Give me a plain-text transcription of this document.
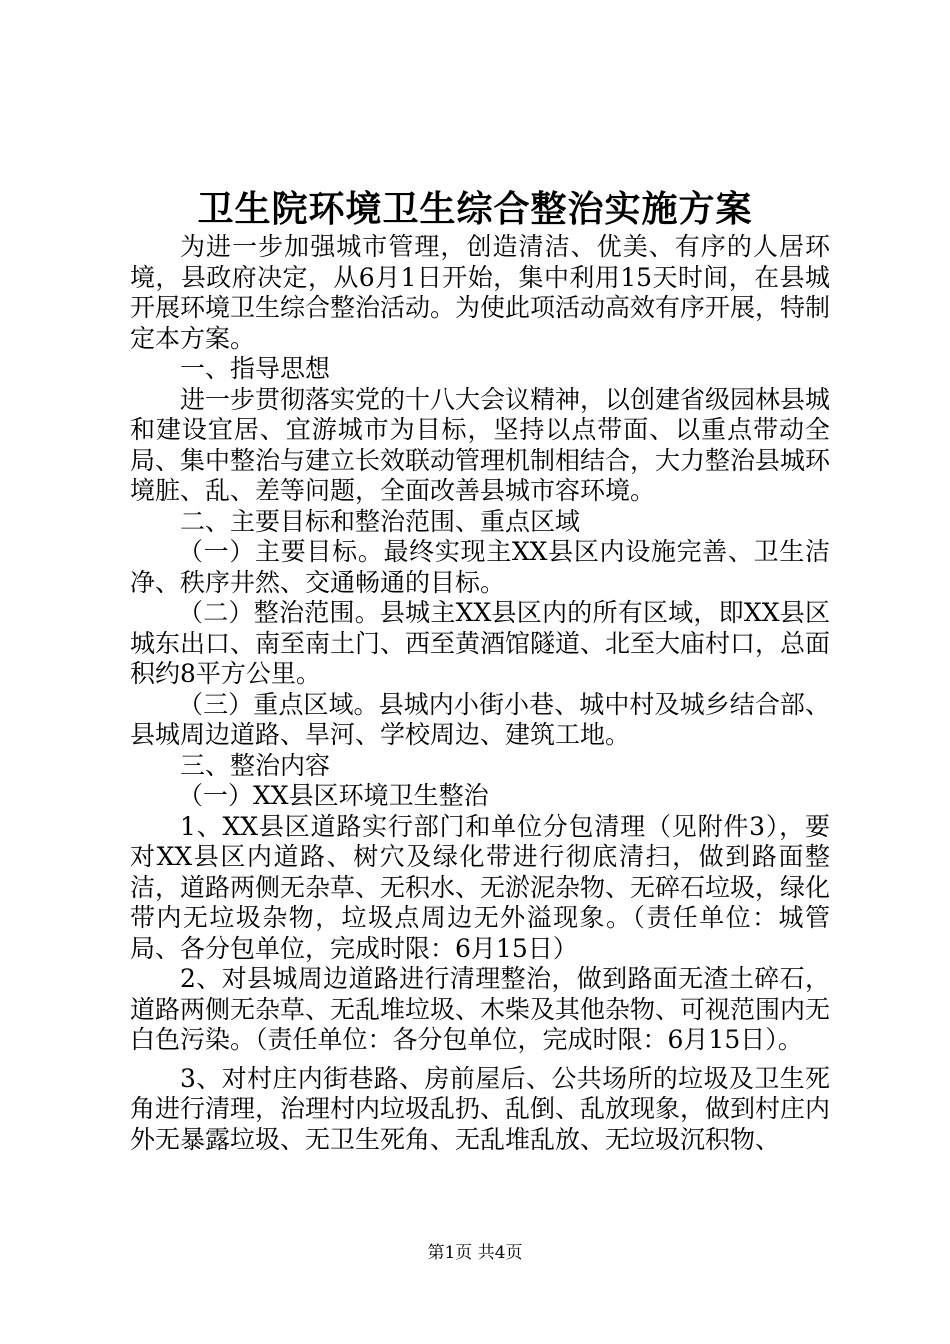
卫生院环境卫生综合整治实施方案

为进一步加强城市管理，创造清洁、优美、有序的人居环境，县政府决定，从6月1日开始，集中利用15天时间，在县城开展环境卫生综合整治活动。为使此项活动高效有序开展，特制定本方案。

一、指导思想

进一步贯彻落实党的十八大会议精神，以创建省级园林县城和建设宜居、宜游城市为目标，坚持以点带面、以重点带动全局、集中整治与建立长效联动管理机制相结合，大力整治县城环境脏、乱、差等问题，全面改善县城市容环境。

二、主要目标和整治范围、重点区域

（一）主要目标。最终实现主XX县区内设施完善、卫生洁净、秩序井然、交通畅通的目标。

（二）整治范围。县城主XX县区内的所有区域，即XX县区城东出口、南至南土门、西至黄酒馆隧道、北至大庙村口，总面积约8平方公里。

（三）重点区域。县城内小街小巷、城中村及城乡结合部、县城周边道路、旱河、学校周边、建筑工地。

三、整治内容

（一）XX县区环境卫生整治

1、XX县区道路实行部门和单位分包清理（见附件3），要对XX县区内道路、树穴及绿化带进行彻底清扫，做到路面整洁，道路两侧无杂草、无积水、无淤泥杂物、无碎石垃圾，绿化带内无垃圾杂物，垃圾点周边无外溢现象。（责任单位：城管局、各分包单位，完成时限：6月15日）

2、对县城周边道路进行清理整治，做到路面无渣土碎石，道路两侧无杂草、无乱堆垃圾、木柴及其他杂物、可视范围内无白色污染。（责任单位：各分包单位，完成时限：6月15日）。

3、对村庄内街巷路、房前屋后、公共场所的垃圾及卫生死角进行清理，治理村内垃圾乱扔、乱倒、乱放现象，做到村庄内外无暴露垃圾、无卫生死角、无乱堆乱放、无垃圾沉积物、

第1页 共4页
